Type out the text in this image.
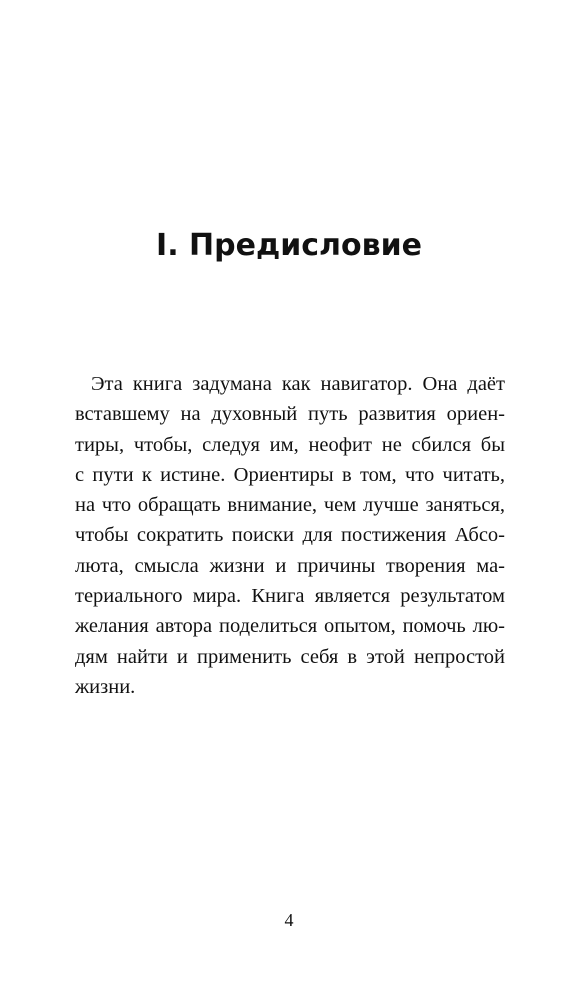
I. Предисловие

Эта книга задумана как навигатор. Она даёт
вставшему на духовный путь развития ориен-
тиры, чтобы, следуя им, неофит не сбился бы
с пути к истине. Ориентиры в том, что читать,
на что обращать внимание, чем лучше заняться,
чтобы сократить поиски для постижения Абсо-
люта, смысла жизни и причины творения ма-
териального мира. Книга является результатом
желания автора поделиться опытом, помочь лю-
дям найти и применить себя в этой непростой
жизни.

4
